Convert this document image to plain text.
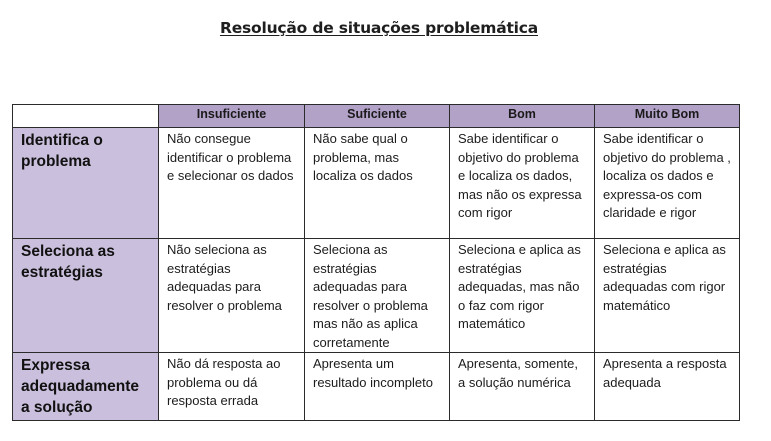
Resolução de situações problemática
	Insuficiente	Suficiente	Bom	Muito Bom
Identifica o problema	Não consegue identificar o problema e selecionar os dados	Não sabe qual o problema, mas localiza os dados	Sabe identificar o objetivo do problema e localiza os dados, mas não os expressa com rigor	Sabe identificar o objetivo do problema , localiza os dados e expressa-os com claridade e rigor
Seleciona as estratégias	Não seleciona as estratégias adequadas para resolver o problema	Seleciona as estratégias adequadas para resolver o problema mas não as aplica corretamente	Seleciona e aplica as estratégias adequadas, mas não o faz com rigor matemático	Seleciona e aplica as estratégias adequadas com rigor matemático
Expressa adequadamente a solução	Não dá resposta ao problema ou dá resposta errada	Apresenta um resultado incompleto	Apresenta, somente, a solução numérica	Apresenta a resposta adequada
